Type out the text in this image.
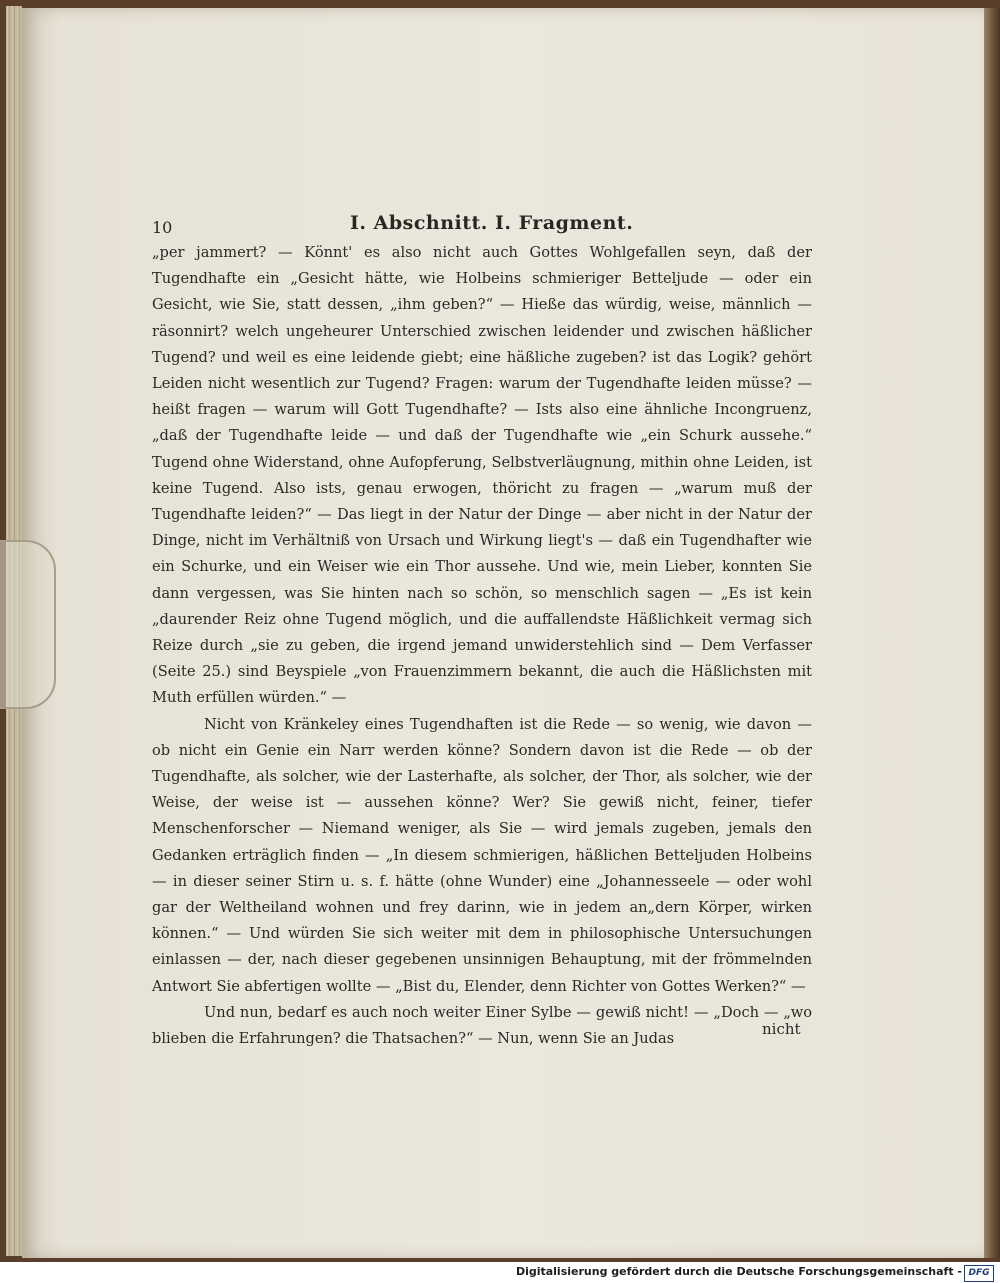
10	I. Abschnitt. I. Fragment.

„per jammert? — Könnt' es also nicht auch Gottes Wohlgefallen seyn, daß der Tugendhafte ein „Gesicht hätte, wie Holbeins schmieriger Betteljude — oder ein Gesicht, wie Sie, statt dessen, „ihm geben?“ — Hieße das würdig, weise, männlich — räsonnirt? welch ungeheurer Unterschied zwischen leidender und zwischen häßlicher Tugend? und weil es eine leidende giebt; eine häßliche zugeben? ist das Logik? gehört Leiden nicht wesentlich zur Tugend? Fragen: warum der Tugendhafte leiden müsse? — heißt fragen — warum will Gott Tugendhafte? — Ists also eine ähnliche Incongruenz, „daß der Tugendhafte leide — und daß der Tugendhafte wie „ein Schurk aussehe.“ Tugend ohne Widerstand, ohne Aufopferung, Selbstverläugnung, mithin ohne Leiden, ist keine Tugend. Also ists, genau erwogen, thöricht zu fragen — „warum muß der Tugendhafte leiden?“ — Das liegt in der Natur der Dinge — aber nicht in der Natur der Dinge, nicht im Verhältniß von Ursach und Wirkung liegt's — daß ein Tugendhafter wie ein Schurke, und ein Weiser wie ein Thor aussehe. Und wie, mein Lieber, konnten Sie dann vergessen, was Sie hinten nach so schön, so menschlich sagen — „Es ist kein „daurender Reiz ohne Tugend möglich, und die auffallendste Häßlichkeit vermag sich Reize durch „sie zu geben, die irgend jemand unwiderstehlich sind — Dem Verfasser (Seite 25.) sind Beyspiele „von Frauenzimmern bekannt, die auch die Häßlichsten mit Muth erfüllen würden.“ —

Nicht von Kränkeley eines Tugendhaften ist die Rede — so wenig, wie davon — ob nicht ein Genie ein Narr werden könne? Sondern davon ist die Rede — ob der Tugendhafte, als solcher, wie der Lasterhafte, als solcher, der Thor, als solcher, wie der Weise, der weise ist — aussehen könne? Wer? Sie gewiß nicht, feiner, tiefer Menschenforscher — Niemand weniger, als Sie — wird jemals zugeben, jemals den Gedanken erträglich finden — „In diesem schmierigen, häßlichen Betteljuden Holbeins — in dieser seiner Stirn u. s. f. hätte (ohne Wunder) eine „Johannesseele — oder wohl gar der Weltheiland wohnen und frey darinn, wie in jedem an„dern Körper, wirken können.“ — Und würden Sie sich weiter mit dem in philosophische Untersuchungen einlassen — der, nach dieser gegebenen unsinnigen Behauptung, mit der frömmelnden Antwort Sie abfertigen wollte — „Bist du, Elender, denn Richter von Gottes Werken?“ —

Und nun, bedarf es auch noch weiter Einer Sylbe — gewiß nicht! — „Doch — „wo blieben die Erfahrungen? die Thatsachen?“ — Nun, wenn Sie an Judas

nicht
Digitalisierung gefördert durch die Deutsche Forschungsgemeinschaft - DFG
